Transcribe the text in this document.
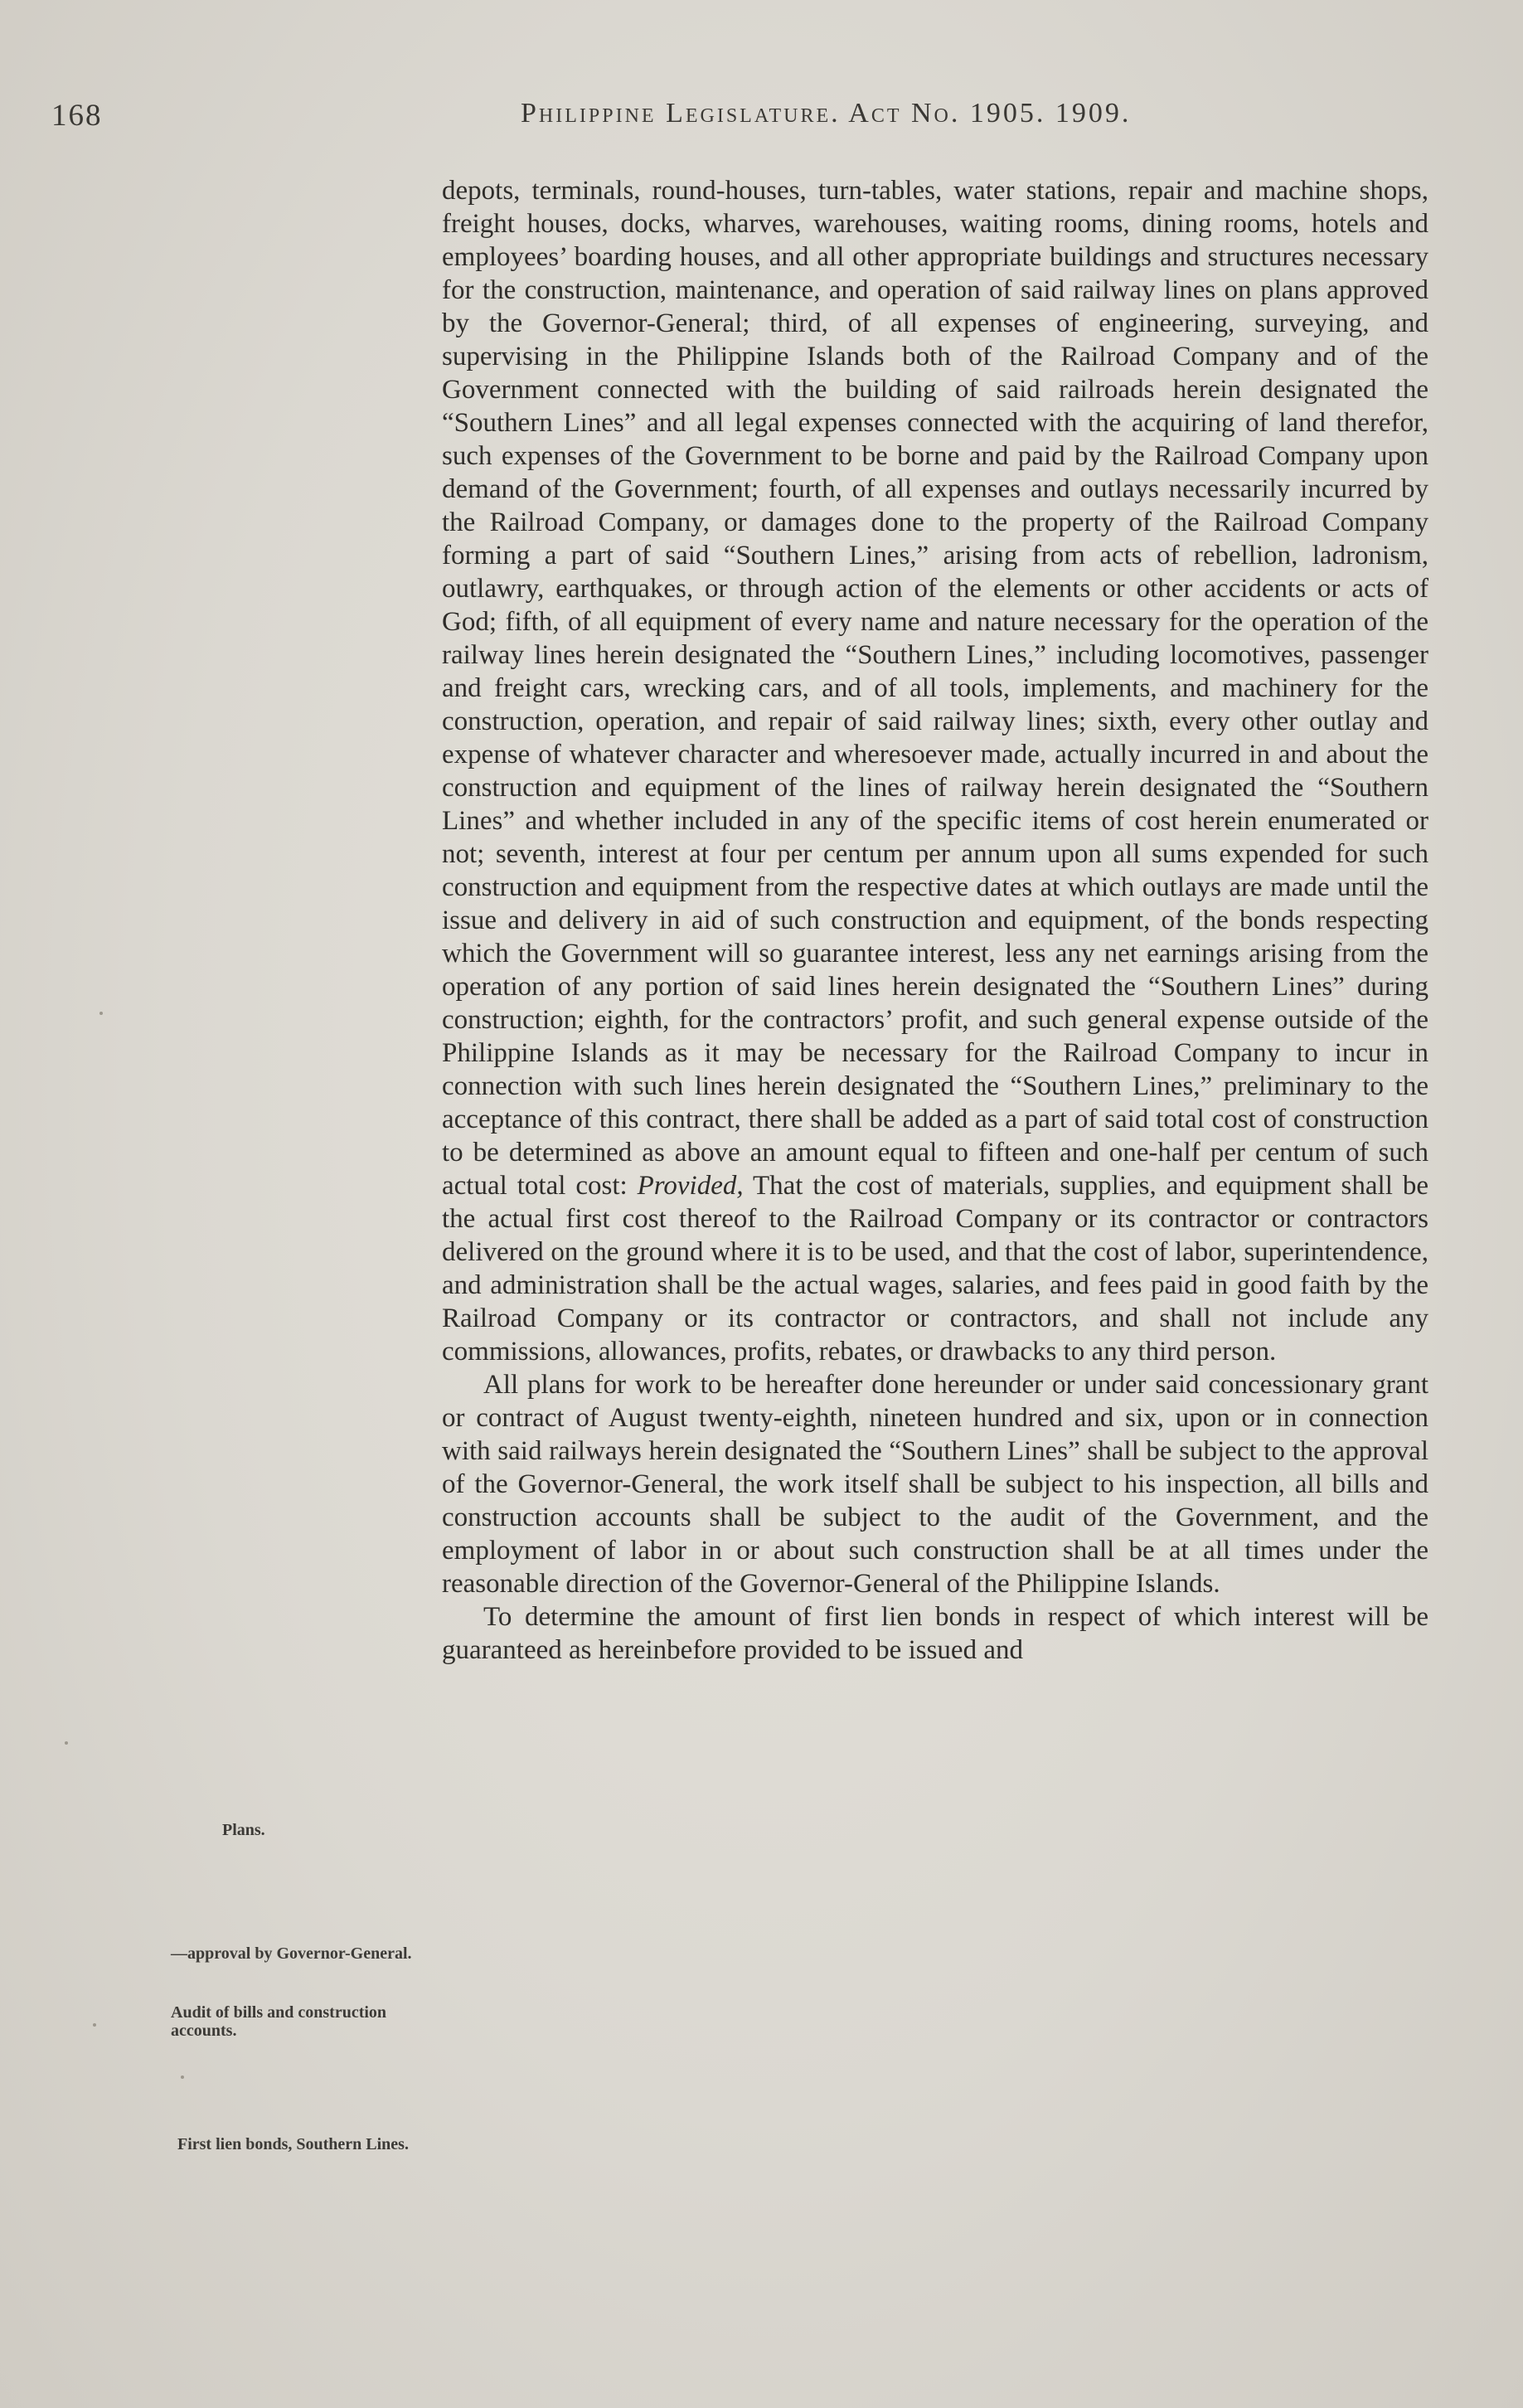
168	Philippine Legislature. Act No. 1905. 1909.

depots, terminals, round-houses, turn-tables, water stations, repair and machine shops, freight houses, docks, wharves, warehouses, waiting rooms, dining rooms, hotels and employees’ boarding houses, and all other appropriate buildings and structures necessary for the construction, maintenance, and operation of said railway lines on plans approved by the Governor-General; third, of all expenses of engineering, surveying, and supervising in the Philippine Islands both of the Railroad Company and of the Government connected with the building of said railroads herein designated the “Southern Lines” and all legal expenses connected with the acquiring of land therefor, such expenses of the Government to be borne and paid by the Railroad Company upon demand of the Government; fourth, of all expenses and outlays necessarily incurred by the Railroad Company, or damages done to the property of the Railroad Company forming a part of said “Southern Lines,” arising from acts of rebellion, ladronism, outlawry, earthquakes, or through action of the elements or other accidents or acts of God; fifth, of all equipment of every name and nature necessary for the operation of the railway lines herein designated the “Southern Lines,” including locomotives, passenger and freight cars, wrecking cars, and of all tools, implements, and machinery for the construction, operation, and repair of said railway lines; sixth, every other outlay and expense of whatever character and wheresoever made, actually incurred in and about the construction and equipment of the lines of railway herein designated the “Southern Lines” and whether included in any of the specific items of cost herein enumerated or not; seventh, interest at four per centum per annum upon all sums expended for such construction and equipment from the respective dates at which outlays are made until the issue and delivery in aid of such construction and equipment, of the bonds respecting which the Government will so guarantee interest, less any net earnings arising from the operation of any portion of said lines herein designated the “Southern Lines” during construction; eighth, for the contractors’ profit, and such general expense outside of the Philippine Islands as it may be necessary for the Railroad Company to incur in connection with such lines herein designated the “Southern Lines,” preliminary to the acceptance of this contract, there shall be added as a part of said total cost of construction to be determined as above an amount equal to fifteen and one-half per centum of such actual total cost: Provided, That the cost of materials, supplies, and equipment shall be the actual first cost thereof to the Railroad Company or its contractor or contractors delivered on the ground where it is to be used, and that the cost of labor, superintendence, and administration shall be the actual wages, salaries, and fees paid in good faith by the Railroad Company or its contractor or contractors, and shall not include any commissions, allowances, profits, rebates, or drawbacks to any third person.

All plans for work to be hereafter done hereunder or under said concessionary grant or contract of August twenty-eighth, nineteen hundred and six, upon or in connection with said railways herein designated the “Southern Lines” shall be subject to the approval of the Governor-General, the work itself shall be subject to his inspection, all bills and construction accounts shall be subject to the audit of the Government, and the employment of labor in or about such construction shall be at all times under the reasonable direction of the Governor-General of the Philippine Islands.

To determine the amount of first lien bonds in respect of which interest will be guaranteed as hereinbefore provided to be issued and

Plans.
—approval by Governor-General.
Audit of bills and construction accounts.
First lien bonds, Southern Lines.
